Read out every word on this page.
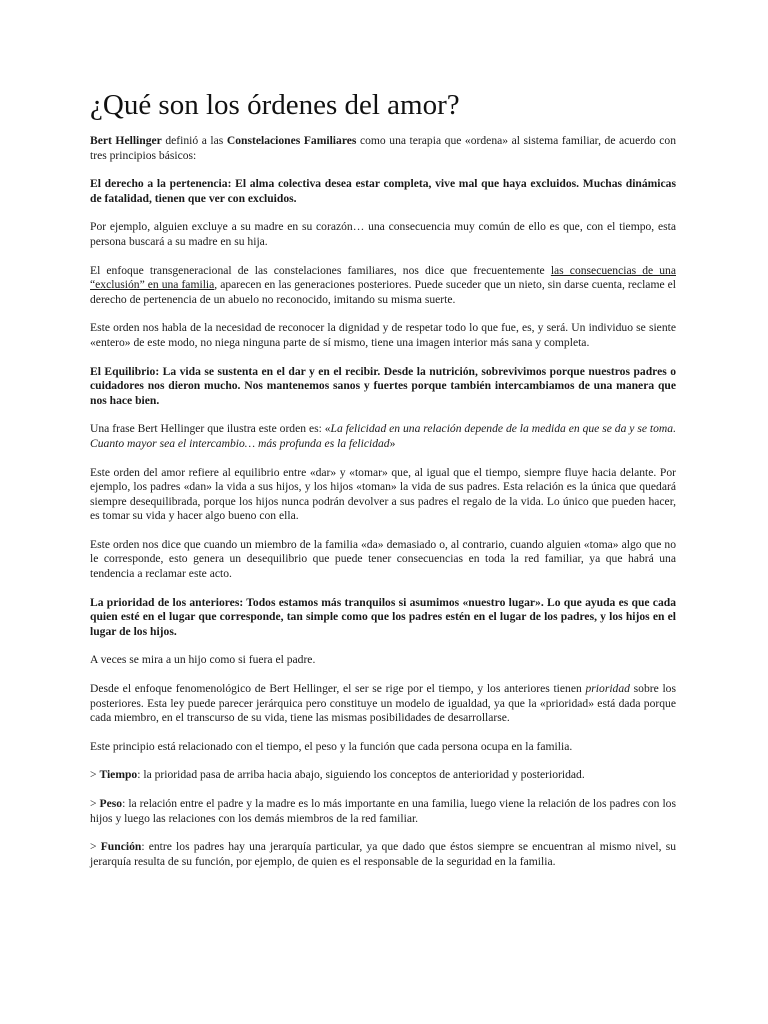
¿Qué son los órdenes del amor?

Bert Hellinger definió a las Constelaciones Familiares como una terapia que «ordena» al sistema familiar, de acuerdo con tres principios básicos:

El derecho a la pertenencia: El alma colectiva desea estar completa, vive mal que haya excluidos. Muchas dinámicas de fatalidad, tienen que ver con excluidos.

Por ejemplo, alguien excluye a su madre en su corazón… una consecuencia muy común de ello es que, con el tiempo, esta persona buscará a su madre en su hija.

El enfoque transgeneracional de las constelaciones familiares, nos dice que frecuentemente las consecuencias de una “exclusión” en una familia, aparecen en las generaciones posteriores. Puede suceder que un nieto, sin darse cuenta, reclame el derecho de pertenencia de un abuelo no reconocido, imitando su misma suerte.

Este orden nos habla de la necesidad de reconocer la dignidad y de respetar todo lo que fue, es, y será. Un individuo se siente «entero» de este modo, no niega ninguna parte de sí mismo, tiene una imagen interior más sana y completa.

El Equilibrio: La vida se sustenta en el dar y en el recibir. Desde la nutrición, sobrevivimos porque nuestros padres o cuidadores nos dieron mucho. Nos mantenemos sanos y fuertes porque también intercambiamos de una manera que nos hace bien.

Una frase Bert Hellinger que ilustra este orden es: «La felicidad en una relación depende de la medida en que se da y se toma. Cuanto mayor sea el intercambio… más profunda es la felicidad»

Este orden del amor refiere al equilibrio entre «dar» y «tomar» que, al igual que el tiempo, siempre fluye hacia delante. Por ejemplo, los padres «dan» la vida a sus hijos, y los hijos «toman» la vida de sus padres. Esta relación es la única que quedará siempre desequilibrada, porque los hijos nunca podrán devolver a sus padres el regalo de la vida. Lo único que pueden hacer, es tomar su vida y hacer algo bueno con ella.

Este orden nos dice que cuando un miembro de la familia «da» demasiado o, al contrario, cuando alguien «toma» algo que no le corresponde, esto genera un desequilibrio que puede tener consecuencias en toda la red familiar, ya que habrá una tendencia a reclamar este acto.

La prioridad de los anteriores: Todos estamos más tranquilos si asumimos «nuestro lugar». Lo que ayuda es que cada quien esté en el lugar que corresponde, tan simple como que los padres estén en el lugar de los padres, y los hijos en el lugar de los hijos.

A veces se mira a un hijo como si fuera el padre.

Desde el enfoque fenomenológico de Bert Hellinger, el ser se rige por el tiempo, y los anteriores tienen prioridad sobre los posteriores. Esta ley puede parecer jerárquica pero constituye un modelo de igualdad, ya que la «prioridad» está dada porque cada miembro, en el transcurso de su vida, tiene las mismas posibilidades de desarrollarse.

Este principio está relacionado con el tiempo, el peso y la función que cada persona ocupa en la familia.

> Tiempo: la prioridad pasa de arriba hacia abajo, siguiendo los conceptos de anterioridad y posterioridad.

> Peso: la relación entre el padre y la madre es lo más importante en una familia, luego viene la relación de los padres con los hijos y luego las relaciones con los demás miembros de la red familiar.

> Función: entre los padres hay una jerarquía particular, ya que dado que éstos siempre se encuentran al mismo nivel, su jerarquía resulta de su función, por ejemplo, de quien es el responsable de la seguridad en la familia.
